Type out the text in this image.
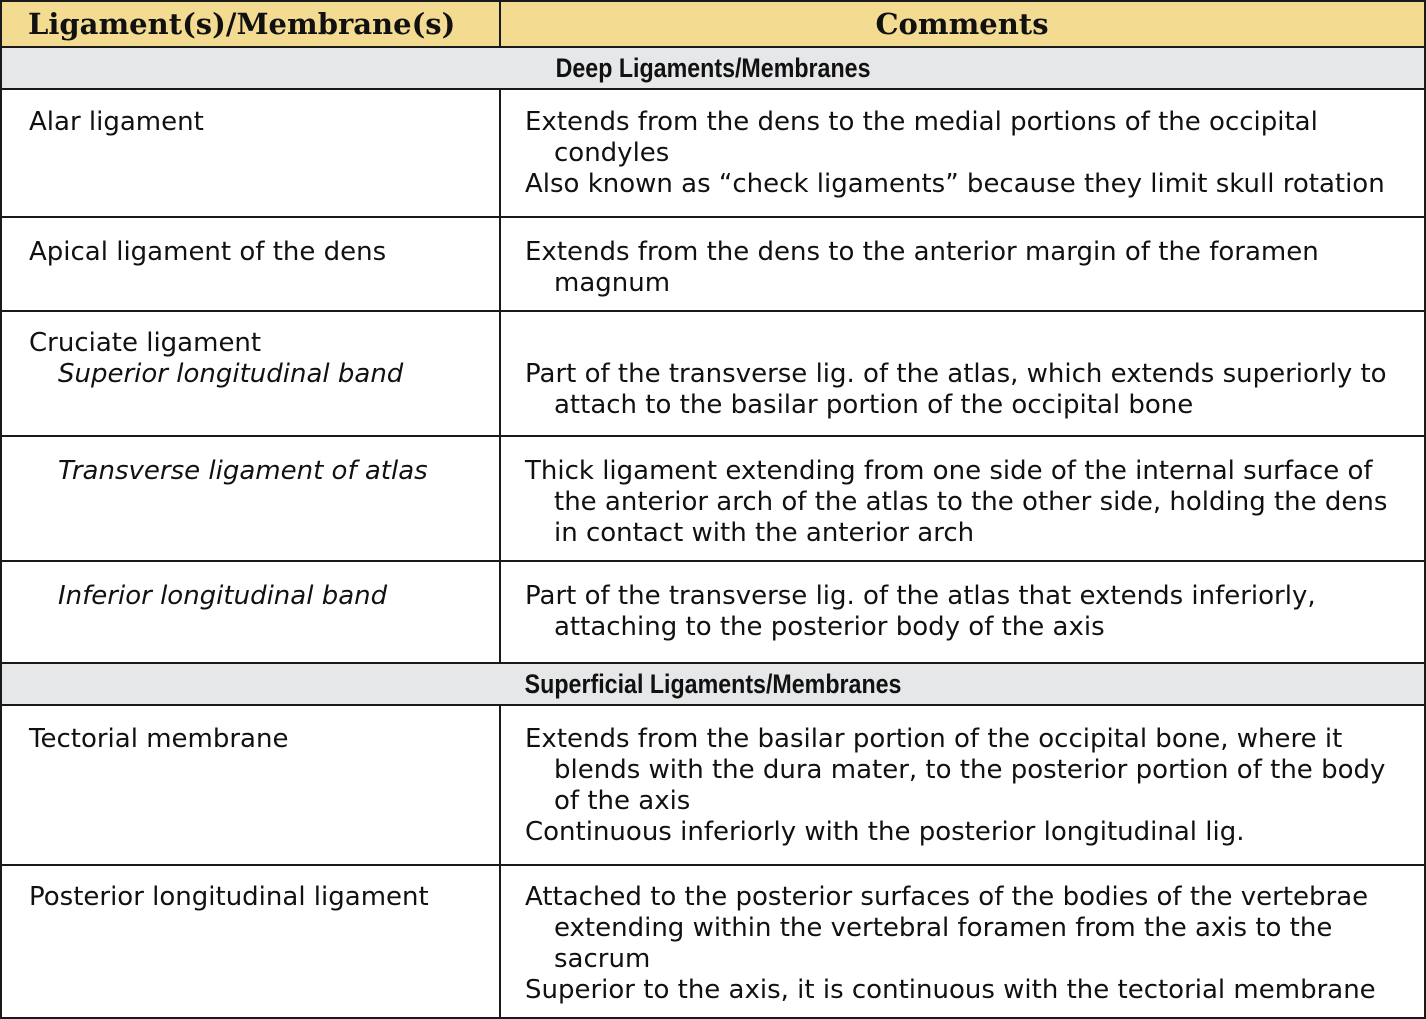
Ligament(s)/Membrane(s)	Comments
Deep Ligaments/Membranes
Alar ligament	Extends from the dens to the medial portions of the occipital condyles
Also known as “check ligaments” because they limit skull rotation
Apical ligament of the dens	Extends from the dens to the anterior margin of the foramen magnum
Cruciate ligament
Superior longitudinal band	Part of the transverse lig. of the atlas, which extends superiorly to attach to the basilar portion of the occipital bone
Transverse ligament of atlas	Thick ligament extending from one side of the internal surface of the anterior arch of the atlas to the other side, holding the dens in contact with the anterior arch
Inferior longitudinal band	Part of the transverse lig. of the atlas that extends inferiorly, attaching to the posterior body of the axis
Superficial Ligaments/Membranes
Tectorial membrane	Extends from the basilar portion of the occipital bone, where it blends with the dura mater, to the posterior portion of the body of the axis
Continuous inferiorly with the posterior longitudinal lig.
Posterior longitudinal ligament	Attached to the posterior surfaces of the bodies of the vertebrae extending within the vertebral foramen from the axis to the sacrum
Superior to the axis, it is continuous with the tectorial membrane
